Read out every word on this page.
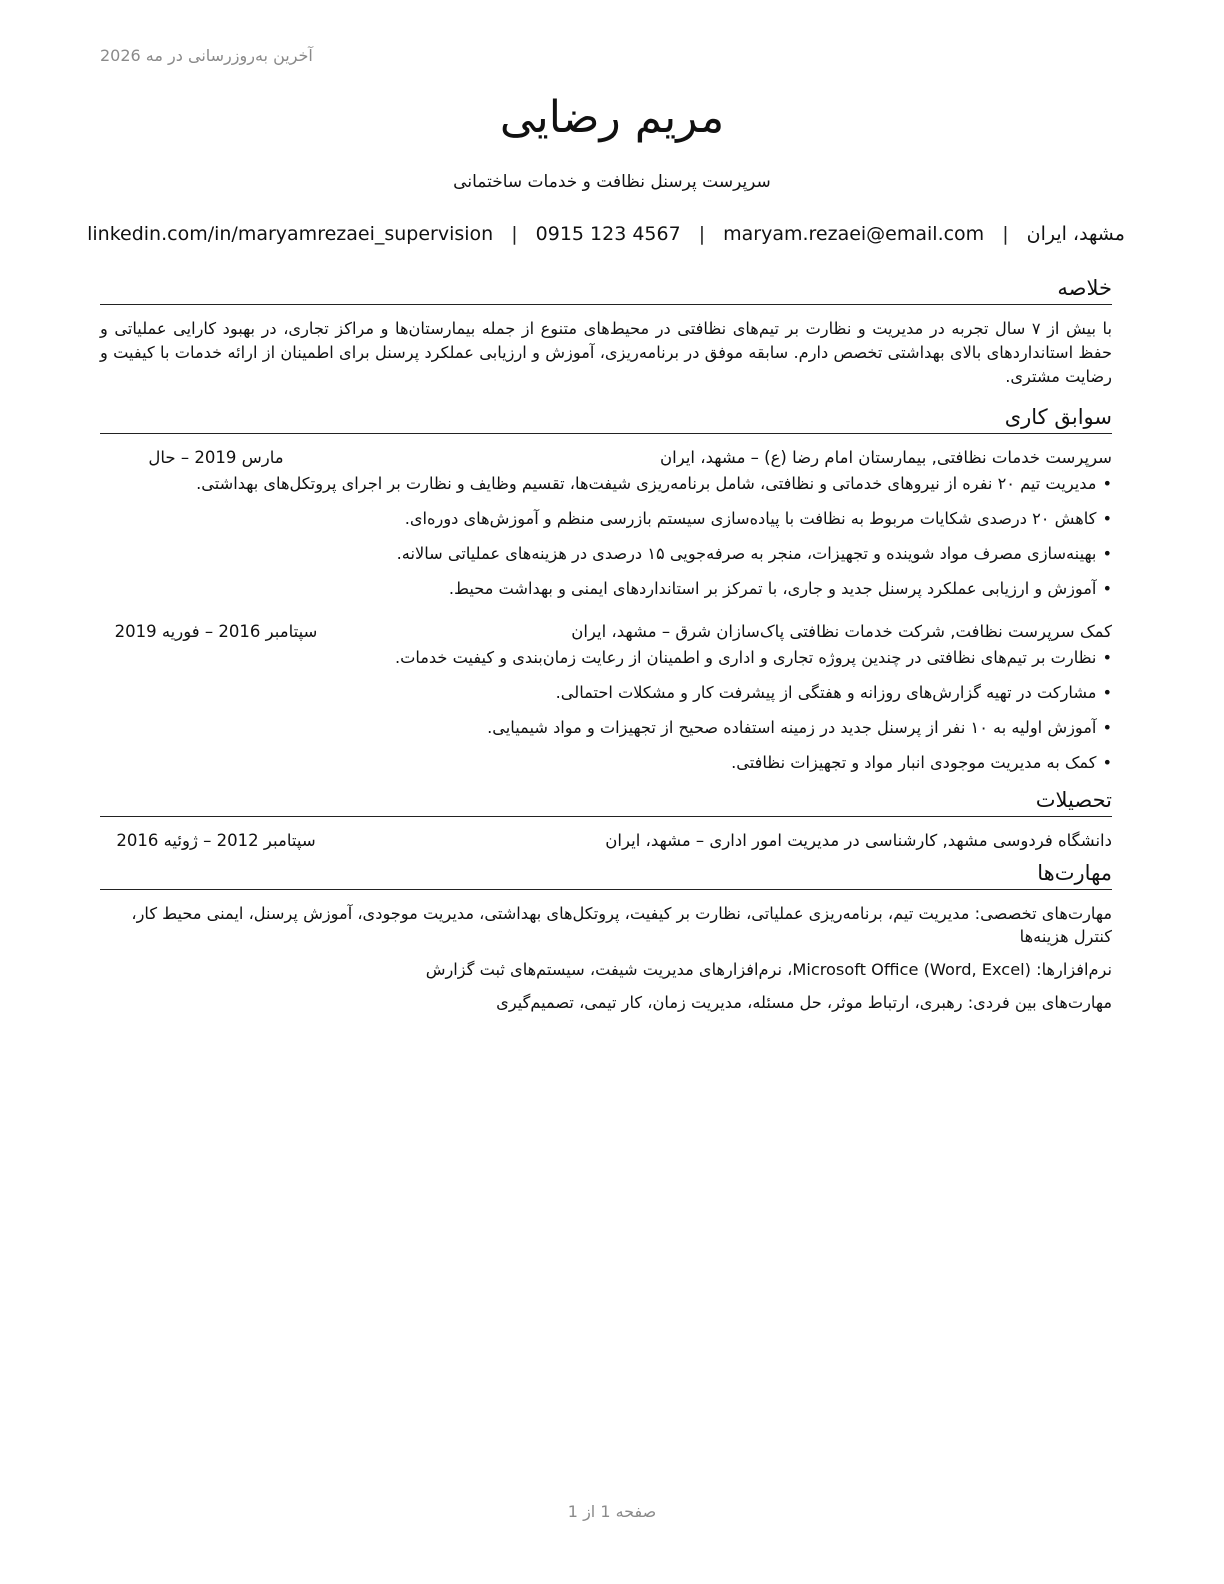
آخرین به‌روزرسانی در مه 2026
مریم رضایی
سرپرست پرسنل نظافت و خدمات ساختمانی
مشهد، ایران
|
maryam.rezaei@email.com
|
0915 123 4567
|
linkedin.com/in/maryamrezaei_supervision
خلاصه

با بیش از ۷ سال تجربه در مدیریت و نظارت بر تیم‌های نظافتی در محیط‌های متنوع از جمله بیمارستان‌ها و مراکز تجاری، در بهبود کارایی عملیاتی و حفظ استانداردهای بالای بهداشتی تخصص دارم. سابقه موفق در برنامه‌ریزی، آموزش و ارزیابی عملکرد پرسنل برای اطمینان از ارائه خدمات با کیفیت و رضایت مشتری.

سوابق کاری
سرپرست خدمات نظافتی, بیمارستان امام رضا (ع) – مشهد، ایران
مارس 2019 – حال
•مدیریت تیم ۲۰ نفره از نیروهای خدماتی و نظافتی، شامل برنامه‌ریزی شیفت‌ها، تقسیم وظایف و نظارت بر اجرای پروتکل‌های بهداشتی.
•کاهش ۲۰ درصدی شکایات مربوط به نظافت با پیاده‌سازی سیستم بازرسی منظم و آموزش‌های دوره‌ای.
•بهینه‌سازی مصرف مواد شوینده و تجهیزات، منجر به صرفه‌جویی ۱۵ درصدی در هزینه‌های عملیاتی سالانه.
•آموزش و ارزیابی عملکرد پرسنل جدید و جاری، با تمرکز بر استانداردهای ایمنی و بهداشت محیط.
کمک سرپرست نظافت, شرکت خدمات نظافتی پاک‌سازان شرق – مشهد، ایران
سپتامبر 2016 – فوریه 2019
•نظارت بر تیم‌های نظافتی در چندین پروژه تجاری و اداری و اطمینان از رعایت زمان‌بندی و کیفیت خدمات.
•مشارکت در تهیه گزارش‌های روزانه و هفتگی از پیشرفت کار و مشکلات احتمالی.
•آموزش اولیه به ۱۰ نفر از پرسنل جدید در زمینه استفاده صحیح از تجهیزات و مواد شیمیایی.
•کمک به مدیریت موجودی انبار مواد و تجهیزات نظافتی.
تحصیلات
دانشگاه فردوسی مشهد, کارشناسی در مدیریت امور اداری – مشهد، ایران
سپتامبر 2012 – ژوئیه 2016
مهارت‌ها

مهارت‌های تخصصی: مدیریت تیم، برنامه‌ریزی عملیاتی، نظارت بر کیفیت، پروتکل‌های بهداشتی، مدیریت موجودی، آموزش پرسنل، ایمنی محیط کار، کنترل هزینه‌ها

نرم‌افزارها: Microsoft Office (Word, Excel)، نرم‌افزارهای مدیریت شیفت، سیستم‌های ثبت گزارش

مهارت‌های بین فردی: رهبری، ارتباط موثر، حل مسئله، مدیریت زمان، کار تیمی، تصمیم‌گیری

صفحه 1 از 1
